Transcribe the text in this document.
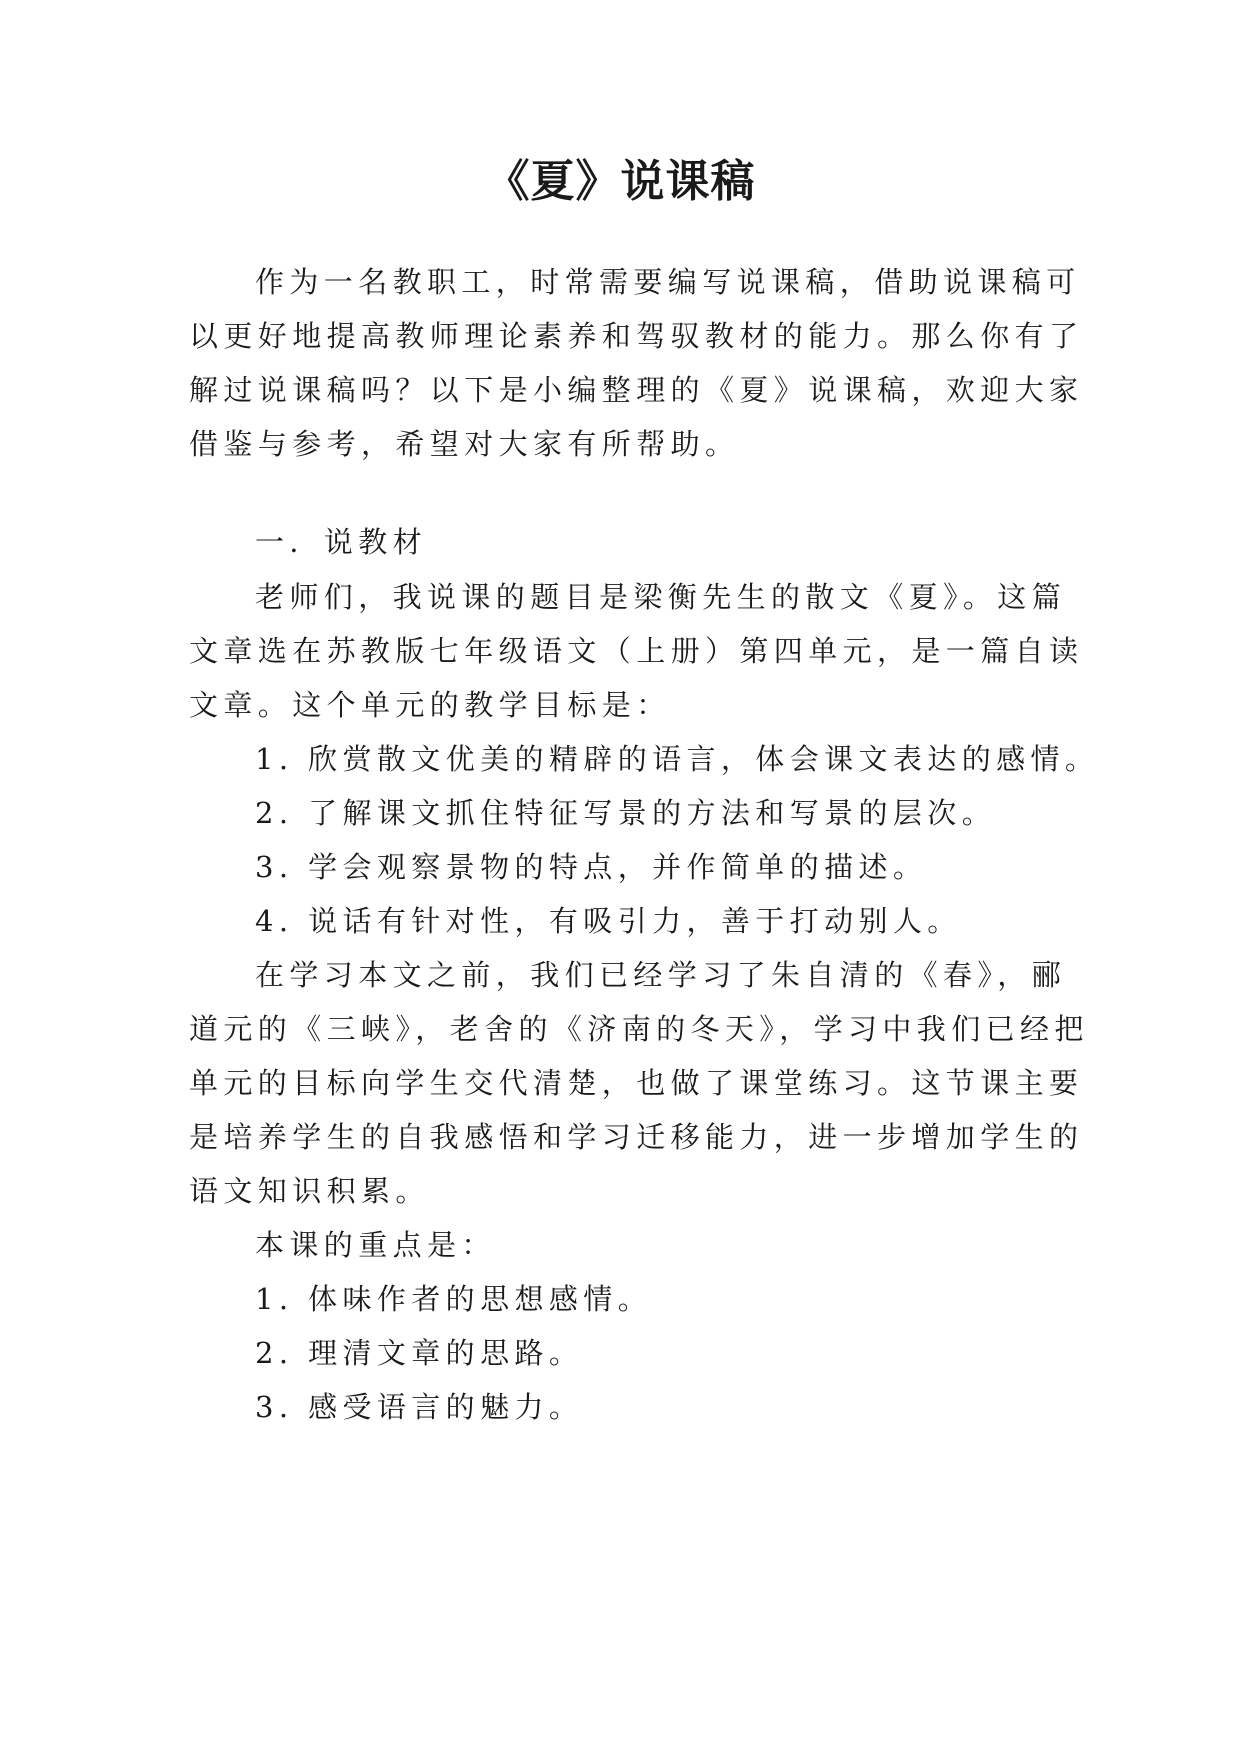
《夏》说课稿
作为一名教职工，时常需要编写说课稿，借助说课稿可
以更好地提高教师理论素养和驾驭教材的能力。那么你有了
解过说课稿吗？以下是小编整理的《夏》说课稿，欢迎大家
借鉴与参考，希望对大家有所帮助。
一．说教材
老师们，我说课的题目是梁衡先生的散文《夏》。这篇
文章选在苏教版七年级语文（上册）第四单元，是一篇自读
文章。这个单元的教学目标是：
1. 欣赏散文优美的精辟的语言，体会课文表达的感情。
2. 了解课文抓住特征写景的方法和写景的层次。
3. 学会观察景物的特点，并作简单的描述。
4. 说话有针对性，有吸引力，善于打动别人。
在学习本文之前，我们已经学习了朱自清的《春》，郦
道元的《三峡》，老舍的《济南的冬天》，学习中我们已经把
单元的目标向学生交代清楚，也做了课堂练习。这节课主要
是培养学生的自我感悟和学习迁移能力，进一步增加学生的
语文知识积累。
本课的重点是：
1. 体味作者的思想感情。
2. 理清文章的思路。
3. 感受语言的魅力。
